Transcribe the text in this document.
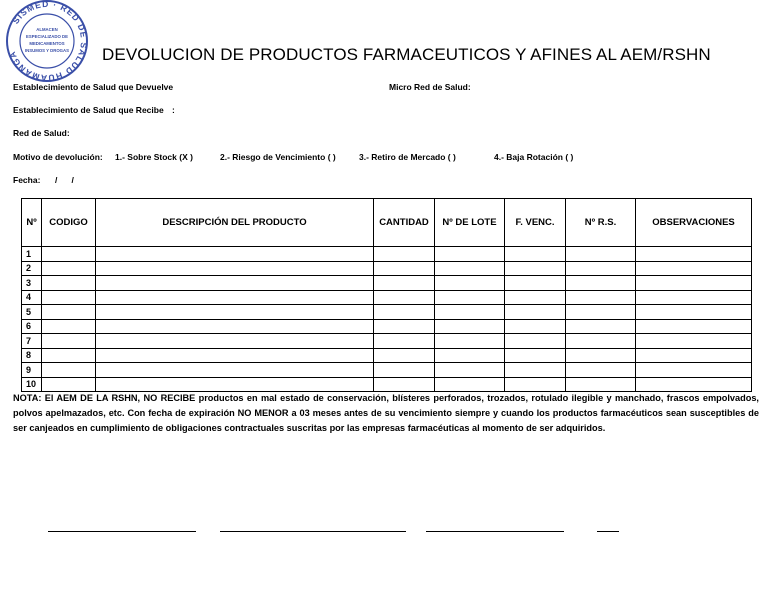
SISMED · RED DE SALUD HUAMANGA
ALMACEN
ESPECIALIZADO DE
MEDICAMENTOS
INSUMOS Y DROGAS DEVOLUCION DE PRODUCTOS FARMACEUTICOS Y AFINES AL AEM/RSHN
Establecimiento de Salud que Devuelve	Micro Red de Salud:
Establecimiento de Salud que Recibe :
Red de Salud:
Motivo de devolución: 1.- Sobre Stock (X )	2.- Riesgo de Vencimiento ( )	3.- Retiro de Mercado ( )	4.- Baja Rotación ( )
Fecha: /      /
Nº	CODIGO	DESCRIPCIÓN DEL PRODUCTO	CANTIDAD	Nº DE LOTE	F. VENC.	Nº R.S.	OBSERVACIONES
1							
2							
3							
4							
5							
6							
7							
8							
9							
10							
NOTA: El AEM DE LA RSHN, NO RECIBE productos en mal estado de conservación, blísteres perforados, trozados, rotulado ilegible y manchado, frascos empolvados, polvos apelmazados, etc. Con fecha de expiración NO MENOR a 03 meses antes de su vencimiento siempre y cuando los productos farmacéuticos sean susceptibles de ser canjeados en cumplimiento de obligaciones contractuales suscritas por las empresas farmacéuticas al momento de ser adquiridos.
